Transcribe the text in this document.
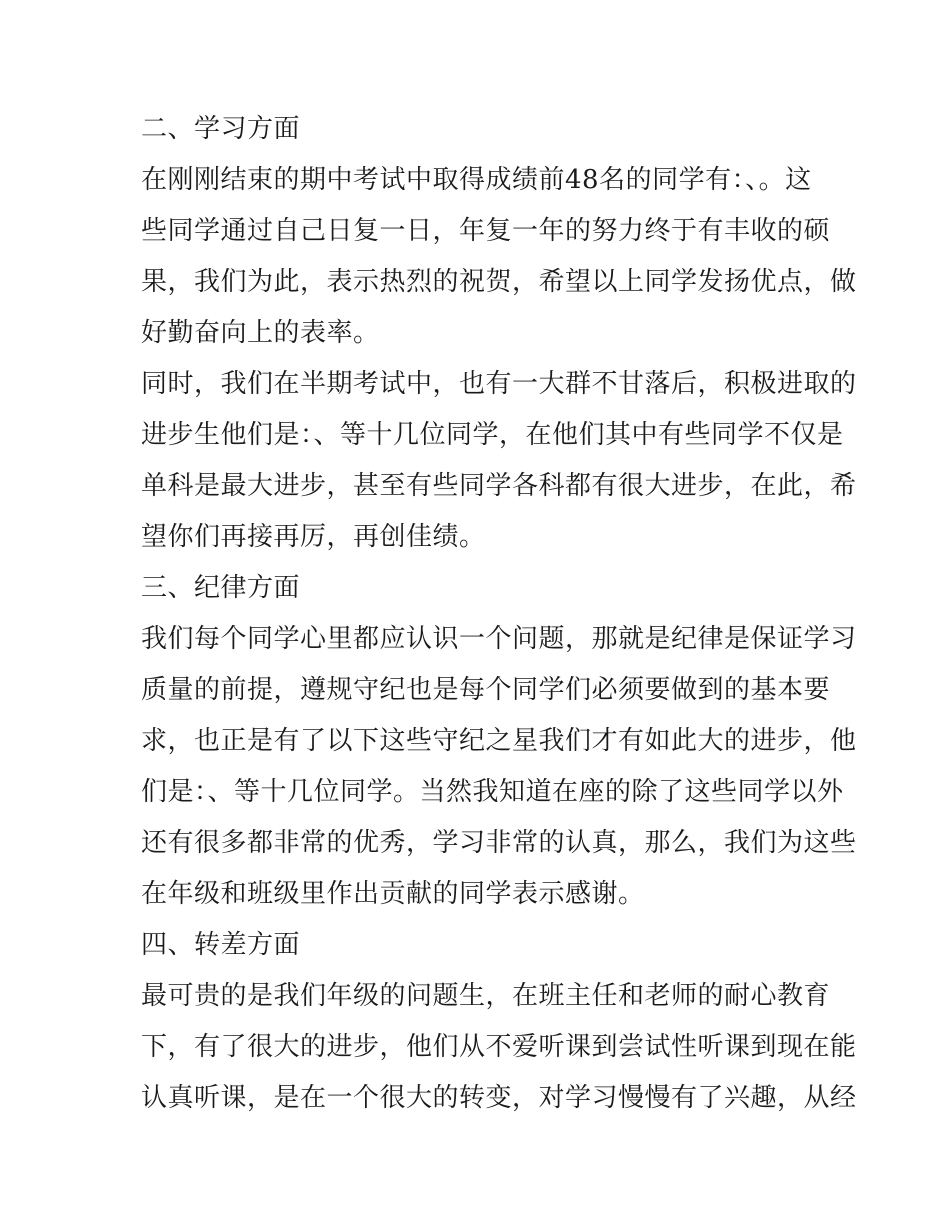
二、学习方面
在刚刚结束的期中考试中取得成绩前48名的同学有：、。这
些同学通过自己日复一日，年复一年的努力终于有丰收的硕
果，我们为此，表示热烈的祝贺，希望以上同学发扬优点，做
好勤奋向上的表率。
同时，我们在半期考试中，也有一大群不甘落后，积极进取的
进步生他们是：、等十几位同学，在他们其中有些同学不仅是
单科是最大进步，甚至有些同学各科都有很大进步，在此，希
望你们再接再厉，再创佳绩。
三、纪律方面
我们每个同学心里都应认识一个问题，那就是纪律是保证学习
质量的前提，遵规守纪也是每个同学们必须要做到的基本要
求，也正是有了以下这些守纪之星我们才有如此大的进步，他
们是：、等十几位同学。当然我知道在座的除了这些同学以外
还有很多都非常的优秀，学习非常的认真，那么，我们为这些
在年级和班级里作出贡献的同学表示感谢。
四、转差方面
最可贵的是我们年级的问题生，在班主任和老师的耐心教育
下，有了很大的进步，他们从不爱听课到尝试性听课到现在能
认真听课，是在一个很大的转变，对学习慢慢有了兴趣，从经
